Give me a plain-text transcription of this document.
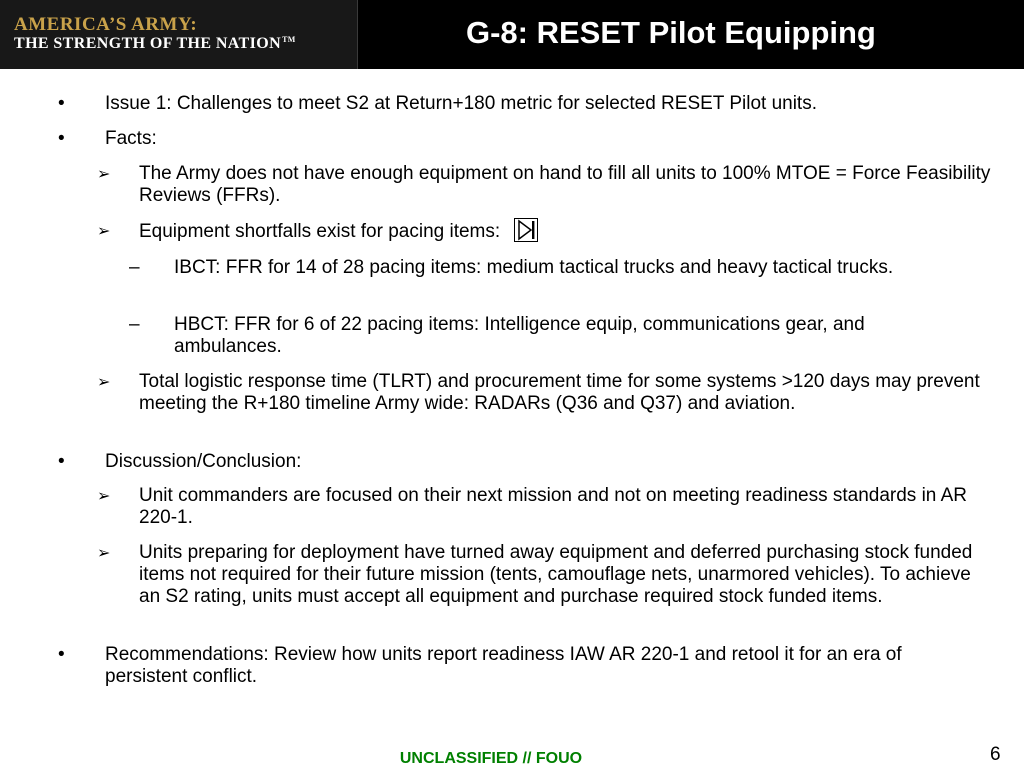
AMERICA’S ARMY:
THE STRENGTH OF THE NATION™	G-8: RESET Pilot Equipping
• Issue 1: Challenges to meet S2 at Return+180 metric for selected RESET Pilot units.
• Facts:
➢ The Army does not have enough equipment on hand to fill all units to 100% MTOE = Force Feasibility Reviews (FFRs).
➢ Equipment shortfalls exist for pacing items:
– IBCT: FFR for 14 of 28 pacing items: medium tactical trucks and heavy tactical trucks.
– HBCT: FFR for 6 of 22 pacing items: Intelligence equip, communications gear, and ambulances.
➢ Total logistic response time (TLRT) and procurement time for some systems >120 days may prevent meeting the R+180 timeline Army wide: RADARs (Q36 and Q37) and aviation.
• Discussion/Conclusion:
➢ Unit commanders are focused on their next mission and not on meeting readiness standards in AR 220-1.
➢ Units preparing for deployment have turned away equipment and deferred purchasing stock funded items not required for their future mission (tents, camouflage nets, unarmored vehicles). To achieve an S2 rating, units must accept all equipment and purchase required stock funded items.
• Recommendations: Review how units report readiness IAW AR 220-1 and retool it for an era of persistent conflict.
UNCLASSIFIED // FOUO	6
